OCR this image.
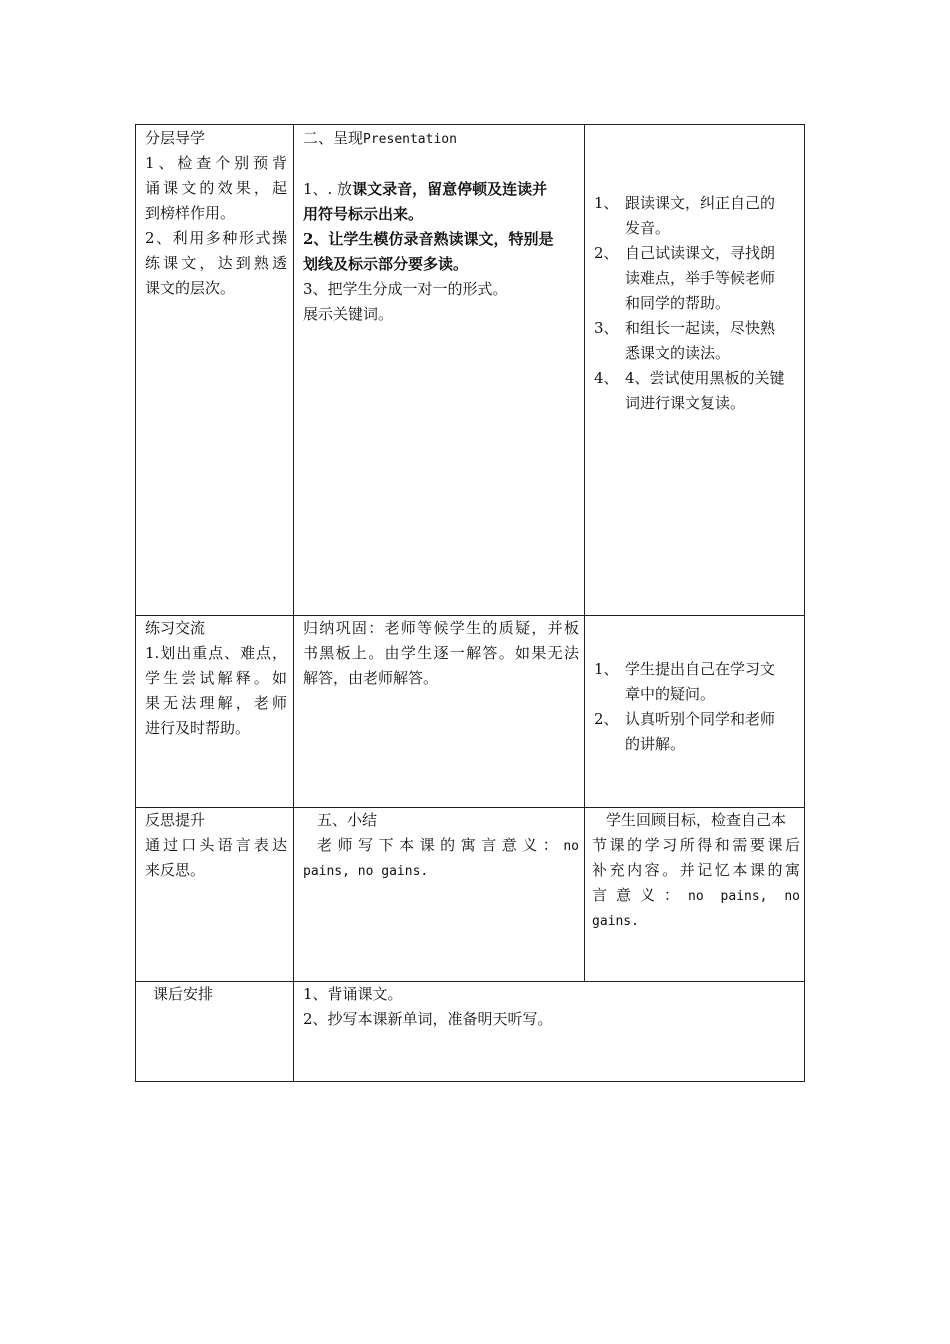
分层导学

1、检查个别预背

诵课文的效果，起

到榜样作用。

2、利用多种形式操

练课文，达到熟透

课文的层次。

二、呈现Presentation

1、. 放课文录音，留意停顿及连读并

用符号标示出来。

2、让学生模仿录音熟读课文，特别是

划线及标示部分要多读。

3、把学生分成一对一的形式。

展示关键词。

1、 跟读课文，纠正自己的

发音。

2、 自己试读课文，寻找朗

读难点，举手等候老师

和同学的帮助。

3、 和组长一起读，尽快熟

悉课文的读法。

4、 4、尝试使用黑板的关键

词进行课文复读。

练习交流

1.划出重点、难点，

学生尝试解释。如

果无法理解，老师

进行及时帮助。

归纳巩固：老师等候学生的质疑，并板

书黑板上。由学生逐一解答。如果无法

解答，由老师解答。	1、 学生提出自己在学习文

章中的疑问。

2、 认真听别个同学和老师

的讲解。

反思提升

通过口头语言表达

来反思。

五、小结

老师写下本课的寓言意义：no

pains, no gains.

学生回顾目标，检查自己本

节课的学习所得和需要课后

补充内容。并记忆本课的寓

言意义：no pains, no

gains.

课后安排	1、背诵课文。

2、抄写本课新单词，准备明天听写。
